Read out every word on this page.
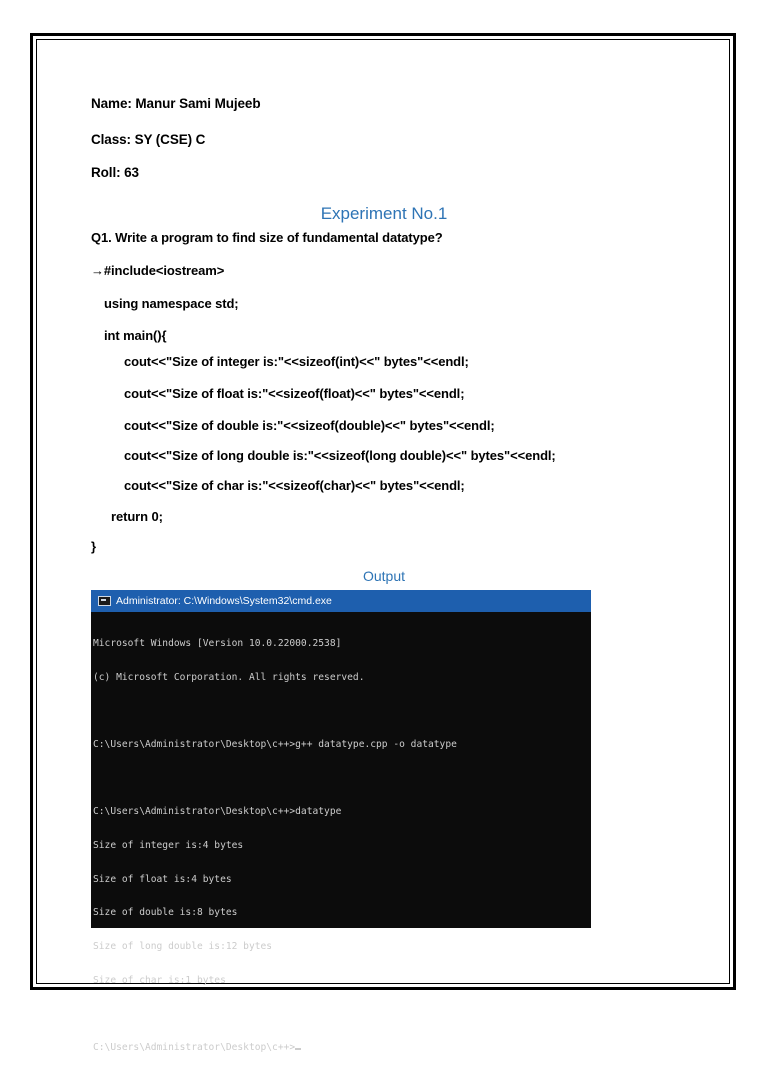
Name: Manur Sami Mujeeb
Class: SY (CSE) C
Roll: 63
Experiment No.1
Q1. Write a program to find size of fundamental datatype?
→#include<iostream>
using namespace std;
int main(){
cout<<"Size of integer is:"<<sizeof(int)<<" bytes"<<endl;
cout<<"Size of float is:"<<sizeof(float)<<" bytes"<<endl;
cout<<"Size of double is:"<<sizeof(double)<<" bytes"<<endl;
cout<<"Size of long double is:"<<sizeof(long double)<<" bytes"<<endl;
cout<<"Size of char is:"<<sizeof(char)<<" bytes"<<endl;
return 0;
}
Output
Administrator: C:\Windows\System32\cmd.exe

Microsoft Windows [Version 10.0.22000.2538]

(c) Microsoft Corporation. All rights reserved.

C:\Users\Administrator\Desktop\c++>g++ datatype.cpp -o datatype

C:\Users\Administrator\Desktop\c++>datatype

Size of integer is:4 bytes

Size of float is:4 bytes

Size of double is:8 bytes

Size of long double is:12 bytes

Size of char is:1 bytes

C:\Users\Administrator\Desktop\c++>
